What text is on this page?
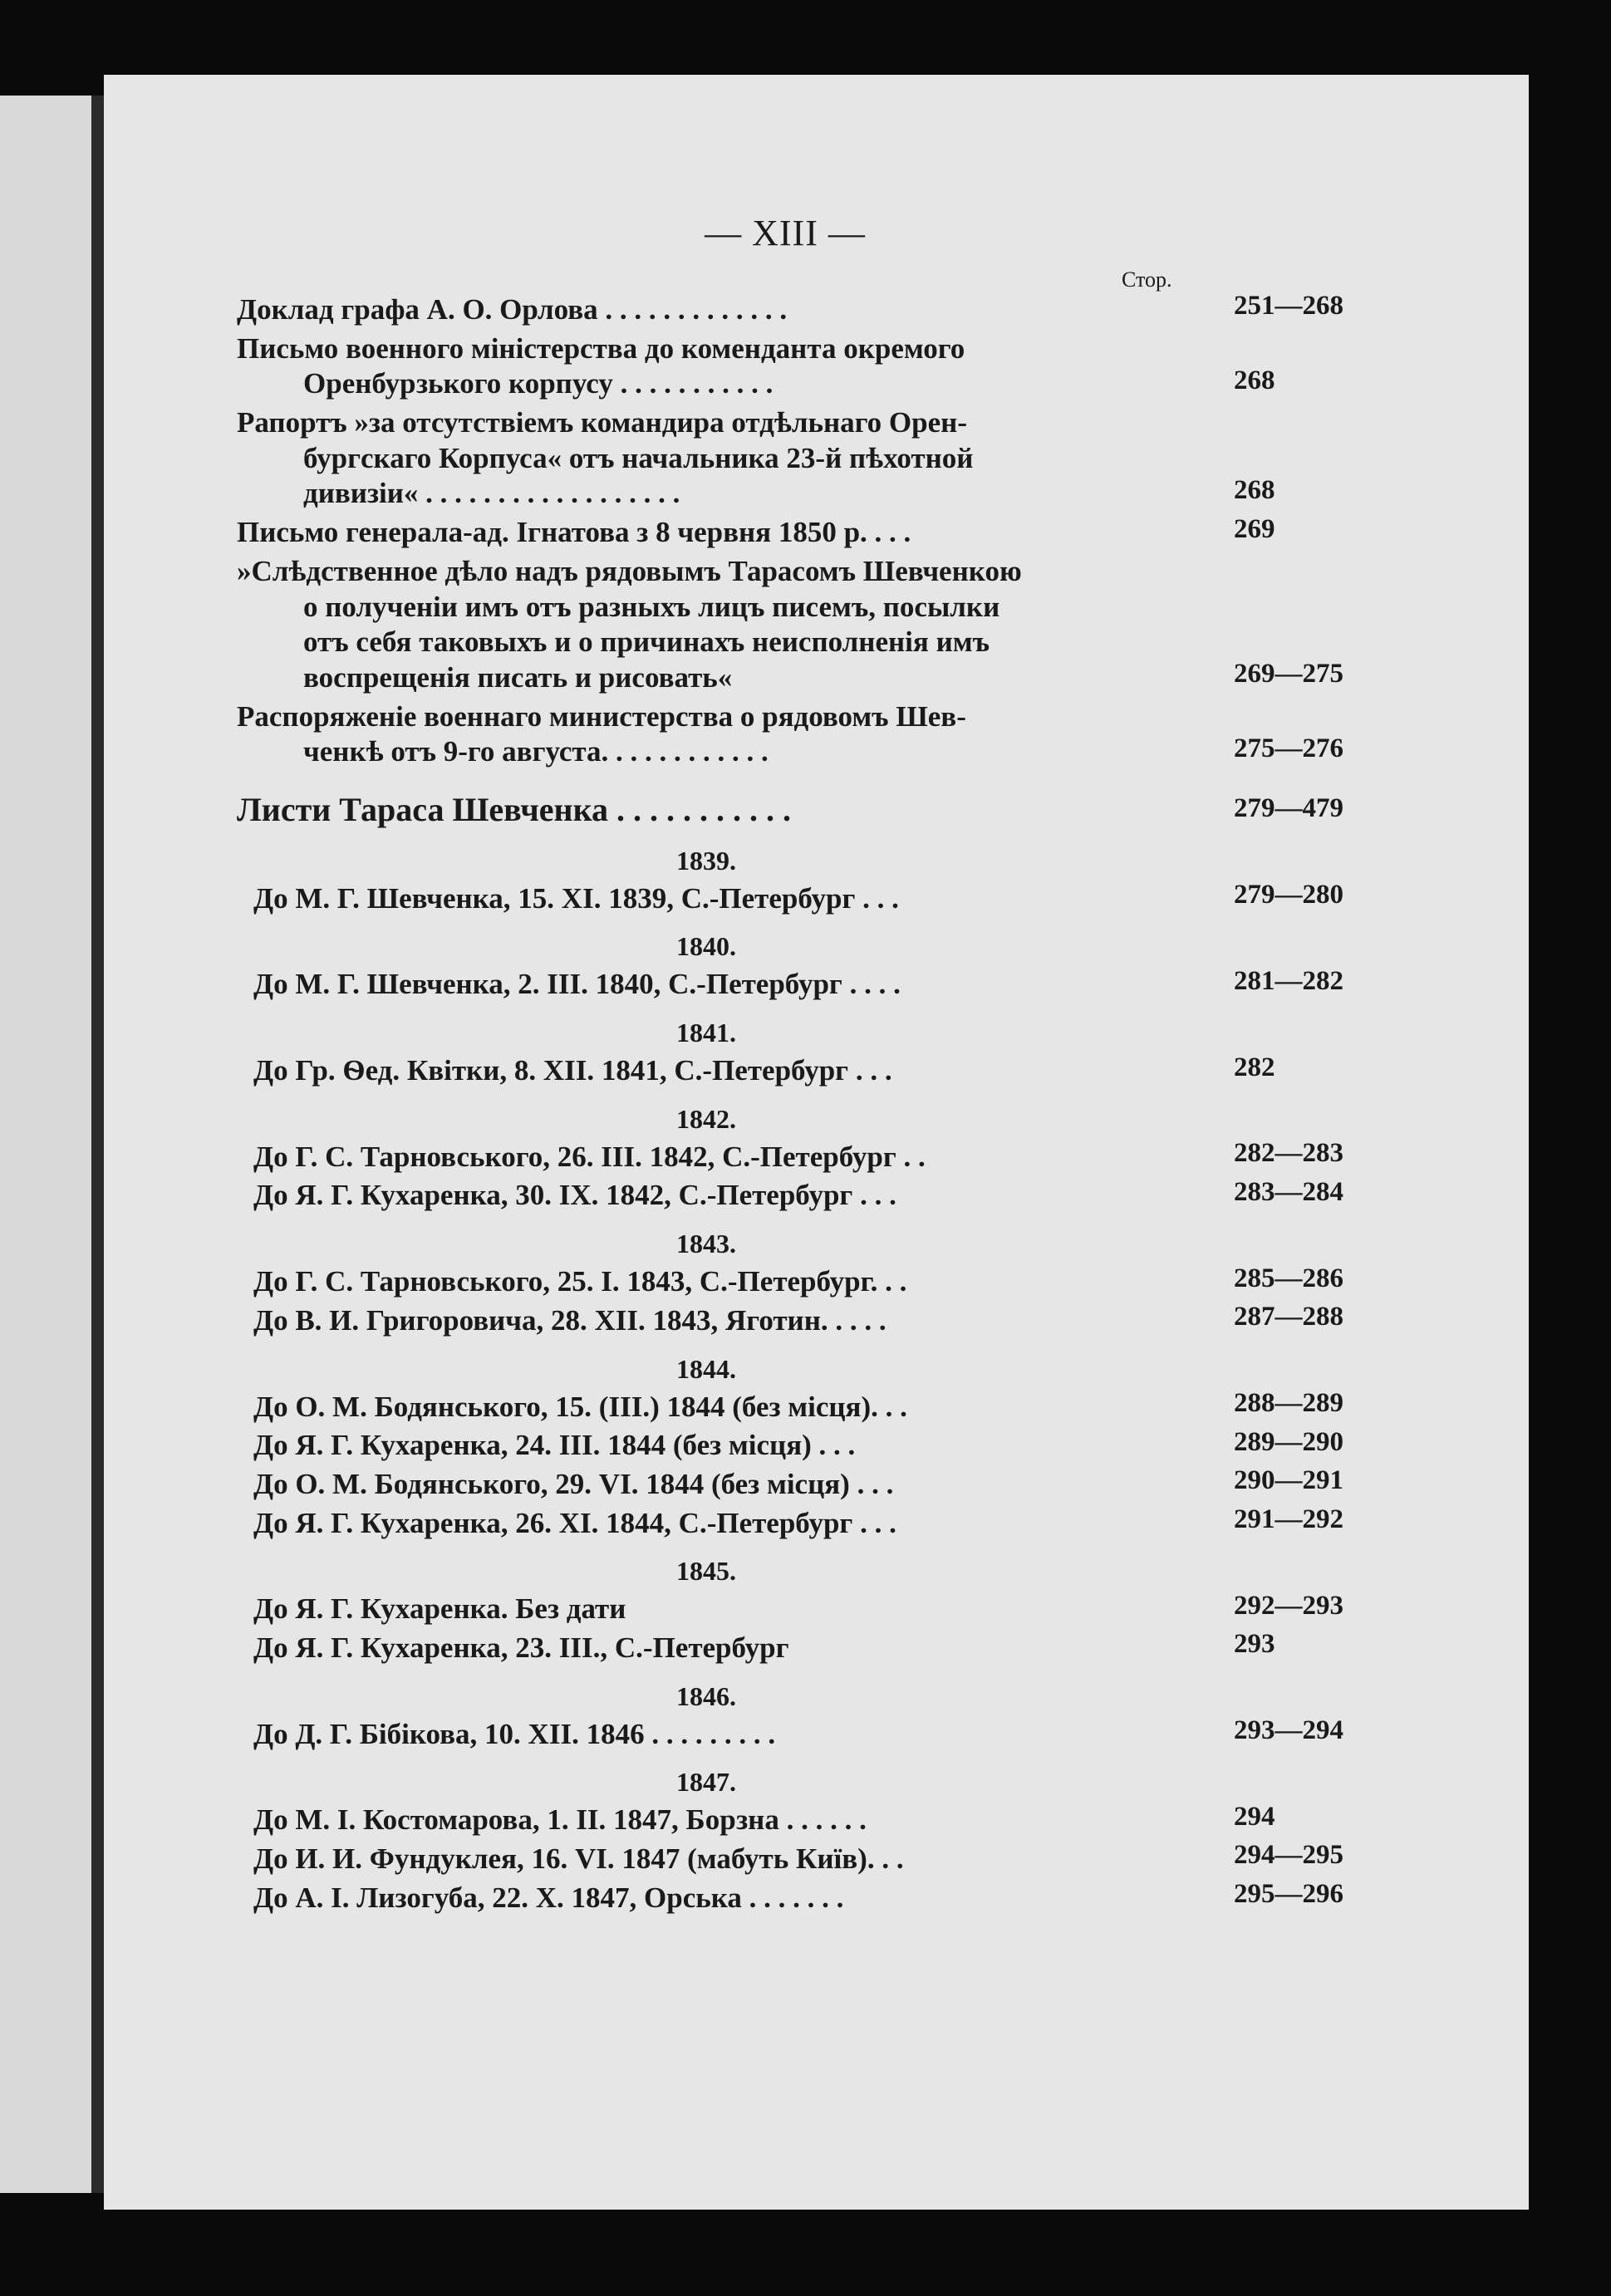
— XIII —
Стор.
Доклад графа А. О. Орлова . . . . . . . . . . . . .	251—268
Письмо военного міністерства до коменданта окремого
Оренбурзького корпусу . . . . . . . . . . .	268
Рапортъ »за отсутствіемъ командира отдѣльнаго Орен-
бургскаго Корпуса« отъ начальника 23-й пѣхотной
дивизіи« . . . . . . . . . . . . . . . . . .	268
Письмо генерала-ад. Ігнатова з 8 червня 1850 р. . . .	269
»Слѣдственное дѣло надъ рядовымъ Тарасомъ Шевченкою
о полученіи имъ отъ разныхъ лицъ писемъ, посылки
отъ себя таковыхъ и о причинахъ неисполненія имъ
воспрещенія писать и рисовать«	269—275
Распоряженіе военнаго министерства о рядовомъ Шев-
ченкѣ отъ 9-го августа. . . . . . . . . . . .	275—276
Листи Тараса Шевченка . . . . . . . . . . .	279—479
1839.
До М. Г. Шевченка, 15. XI. 1839, С.-Петербург . . .	279—280
1840.
До М. Г. Шевченка, 2. III. 1840, С.-Петербург . . . .	281—282
1841.
До Гр. Ѳед. Квітки, 8. XII. 1841, С.-Петербург . . .	282
1842.
До Г. С. Тарновського, 26. III. 1842, С.-Петербург . .	282—283
До Я. Г. Кухаренка, 30. IX. 1842, С.-Петербург . . .	283—284
1843.
До Г. С. Тарновського, 25. I. 1843, С.-Петербург. . .	285—286
До В. И. Григоровича, 28. XII. 1843, Яготин. . . . .	287—288
1844.
До О. М. Бодянського, 15. (III.) 1844 (без місця). . .	288—289
До Я. Г. Кухаренка, 24. III. 1844 (без місця) . . .	289—290
До О. М. Бодянського, 29. VI. 1844 (без місця) . . .	290—291
До Я. Г. Кухаренка, 26. XI. 1844, С.-Петербург . . .	291—292
1845.
До Я. Г. Кухаренка. Без дати	292—293
До Я. Г. Кухаренка, 23. III., С.-Петербург	293
1846.
До Д. Г. Бібікова, 10. XII. 1846 . . . . . . . . .	293—294
1847.
До М. І. Костомарова, 1. II. 1847, Борзна . . . . . .	294
До И. И. Фундуклея, 16. VI. 1847 (мабуть Київ). . .	294—295
До А. І. Лизогуба, 22. X. 1847, Орська . . . . . . .	295—296
